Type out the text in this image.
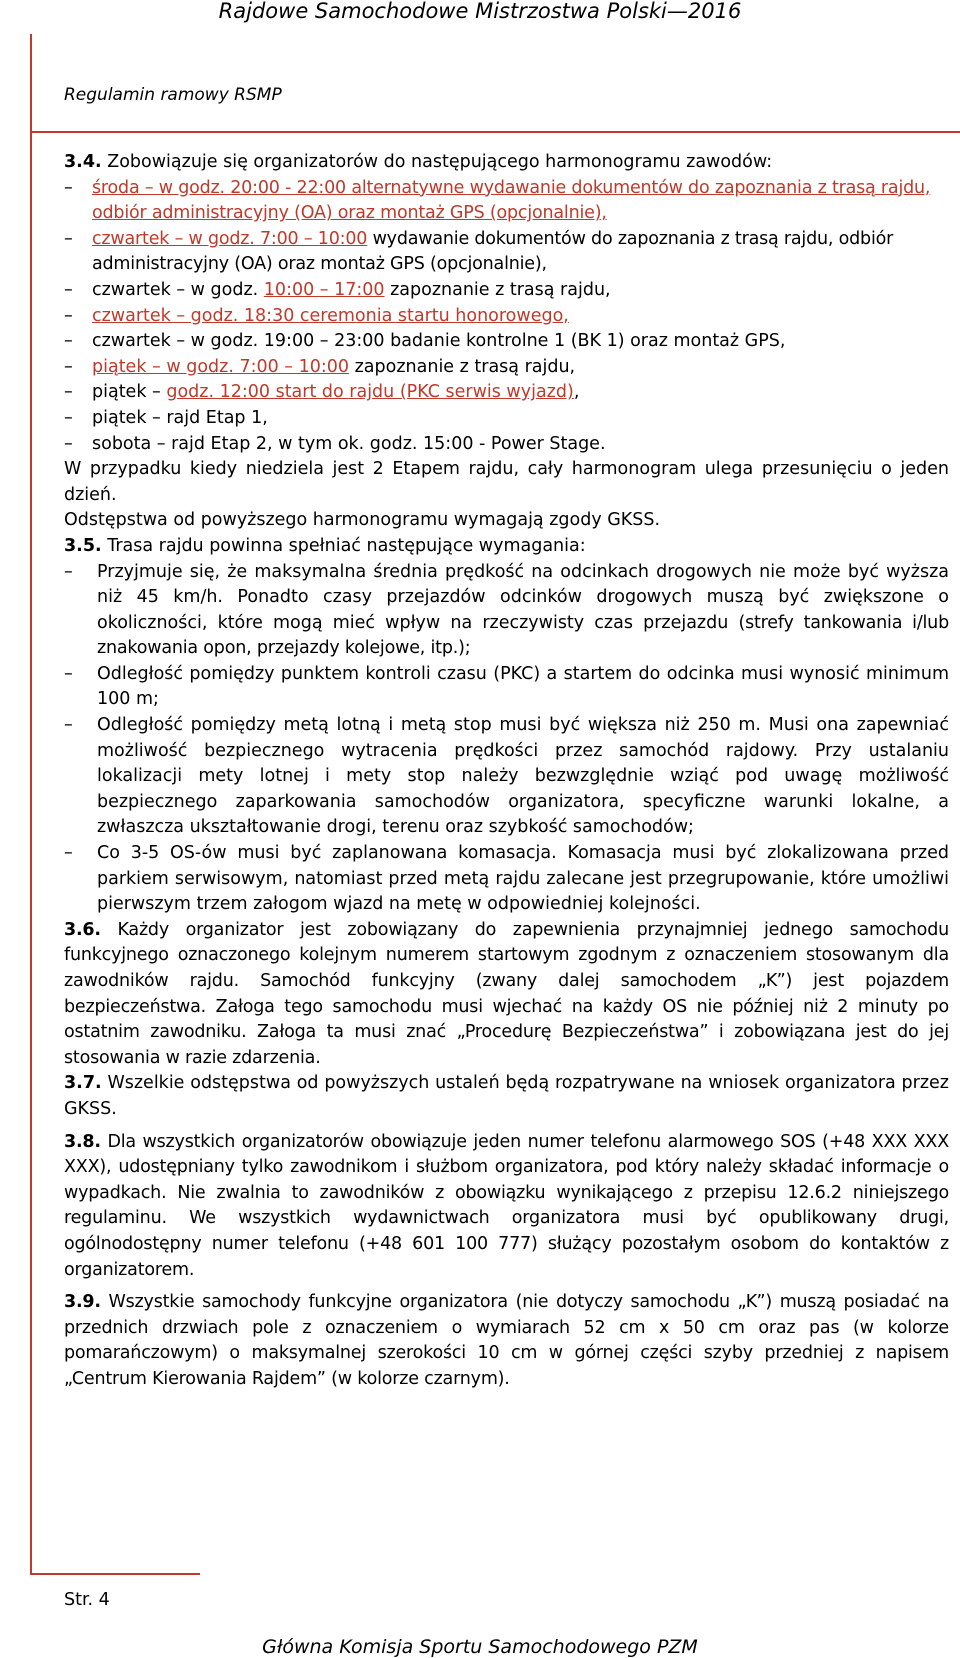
Rajdowe Samochodowe Mistrzostwa Polski—2016
Regulamin ramowy RSMP

3.4. Zobowiązuje się organizatorów do następującego harmonogramu zawodów:

– środa – w godz. 20:00 - 22:00 alternatywne wydawanie dokumentów do zapoznania z trasą rajdu, odbiór administracyjny (OA) oraz montaż GPS (opcjonalnie),

– czwartek – w godz. 7:00 – 10:00 wydawanie dokumentów do zapoznania z trasą rajdu, odbiór administracyjny (OA) oraz montaż GPS (opcjonalnie),

– czwartek – w godz. 10:00 – 17:00 zapoznanie z trasą rajdu,

– czwartek – godz. 18:30 ceremonia startu honorowego,

– czwartek – w godz. 19:00 – 23:00 badanie kontrolne 1 (BK 1) oraz montaż GPS,

– piątek – w godz. 7:00 – 10:00 zapoznanie z trasą rajdu,

– piątek – godz. 12:00 start do rajdu (PKC serwis wyjazd),

– piątek – rajd Etap 1,

– sobota – rajd Etap 2, w tym ok. godz. 15:00 - Power Stage.

W przypadku kiedy niedziela jest 2 Etapem rajdu, cały harmonogram ulega przesunięciu o jeden dzień.

Odstępstwa od powyższego harmonogramu wymagają zgody GKSS.

3.5. Trasa rajdu powinna spełniać następujące wymagania:

– Przyjmuje się, że maksymalna średnia prędkość na odcinkach drogowych nie może być wyższa niż 45 km/h. Ponadto czasy przejazdów odcinków drogowych muszą być zwiększone o okoliczności, które mogą mieć wpływ na rzeczywisty czas przejazdu (strefy tankowania i/lub znakowania opon, przejazdy kolejowe, itp.);

– Odległość pomiędzy punktem kontroli czasu (PKC) a startem do odcinka musi wynosić minimum 100 m;

– Odległość pomiędzy metą lotną i metą stop musi być większa niż 250 m. Musi ona zapewniać możliwość bezpiecznego wytracenia prędkości przez samochód rajdowy. Przy ustalaniu lokalizacji mety lotnej i mety stop należy bezwzględnie wziąć pod uwagę możliwość bezpiecznego zaparkowania samochodów organizatora, specyficzne warunki lokalne, a zwłaszcza ukształtowanie drogi, terenu oraz szybkość samochodów;

– Co 3-5 OS-ów musi być zaplanowana komasacja. Komasacja musi być zlokalizowana przed parkiem serwisowym, natomiast przed metą rajdu zalecane jest przegrupowanie, które umożliwi pierwszym trzem załogom wjazd na metę w odpowiedniej kolejności.

3.6. Każdy organizator jest zobowiązany do zapewnienia przynajmniej jednego samochodu funkcyjnego oznaczonego kolejnym numerem startowym zgodnym z oznaczeniem stosowanym dla zawodników rajdu. Samochód funkcyjny (zwany dalej samochodem „K”) jest pojazdem bezpieczeństwa. Załoga tego samochodu musi wjechać na każdy OS nie później niż 2 minuty po ostatnim zawodniku. Załoga ta musi znać „Procedurę Bezpieczeństwa” i zobowiązana jest do jej stosowania w razie zdarzenia.

3.7. Wszelkie odstępstwa od powyższych ustaleń będą rozpatrywane na wniosek organizatora przez GKSS.

3.8. Dla wszystkich organizatorów obowiązuje jeden numer telefonu alarmowego SOS (+48 XXX XXX XXX), udostępniany tylko zawodnikom i służbom organizatora, pod który należy składać informacje o wypadkach. Nie zwalnia to zawodników z obowiązku wynikającego z przepisu 12.6.2 niniejszego regulaminu. We wszystkich wydawnictwach organizatora musi być opublikowany drugi, ogólnodostępny numer telefonu (+48 601 100 777) służący pozostałym osobom do kontaktów z organizatorem.

3.9. Wszystkie samochody funkcyjne organizatora (nie dotyczy samochodu „K”) muszą posiadać na przednich drzwiach pole z oznaczeniem o wymiarach 52 cm x 50 cm oraz pas (w kolorze pomarańczowym) o maksymalnej szerokości 10 cm w górnej części szyby przedniej z napisem „Centrum Kierowania Rajdem” (w kolorze czarnym).

Str. 4
Główna Komisja Sportu Samochodowego PZM
